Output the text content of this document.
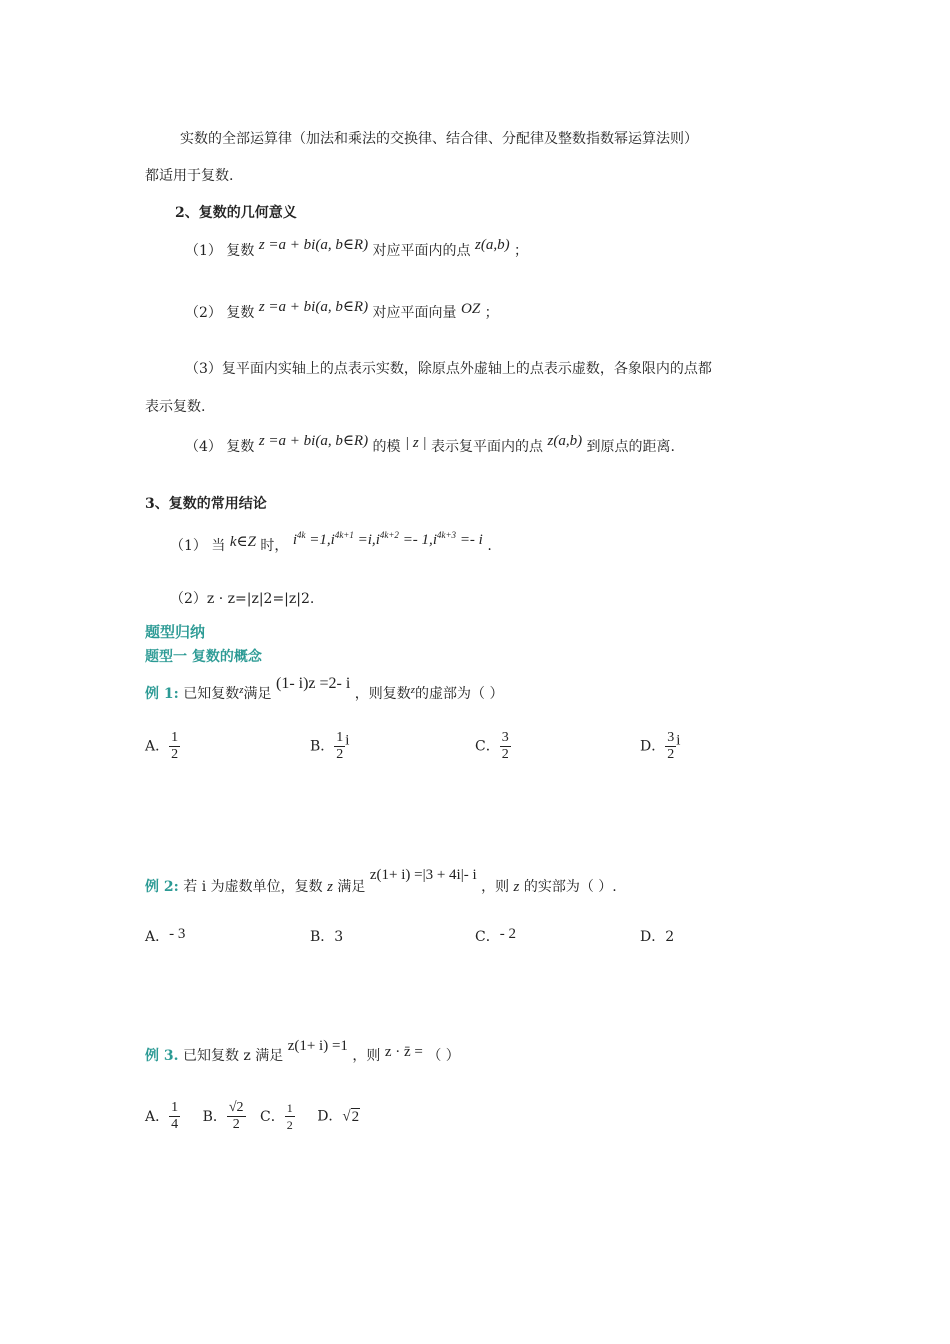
实数的全部运算律（加法和乘法的交换律、结合律、分配律及整数指数幂运算法则）
都适用于复数.
2、复数的几何意义
（1） 复数 z =a + bi(a, b∈R) 对应平面内的点 z(a,b) ；
（2） 复数 z =a + bi(a, b∈R) 对应平面向量 OZ ；
（3）复平面内实轴上的点表示实数，除原点外虚轴上的点表示虚数，各象限内的点都
表示复数.
（4） 复数 z =a + bi(a, b∈R) 的模 | z | 表示复平面内的点 z(a,b) 到原点的距离.
3、复数的常用结论
（1） 当 k∈Z 时， $i^{4k} =1,i^{4k+1} =i,i^{4k+2} =- 1,i^{4k+3} =- i$ .
（2）z · z=|z|2=|z|2.
题型归纳
题型一 复数的概念
例 1: 已知复数$^z$满足 (1- i)z =2- i ，则复数$^z$的虚部为（ ）
A． $\frac{1}{2}$	B． $\frac{1}{2}$ i	C． $\frac{3}{2}$	D． $\frac{3}{2}$ i
例 2: 若 i 为虚数单位，复数 z 满足 z(1+ i) =|3 + 4i|- i ，则 z 的实部为（ ）.
A．- 3	B．3	C．- 2	D．2
例 3. 已知复数 z 满足 z(1+ i) =1 ，则 z · z̄ = （ ）
A． $\frac{1}{4}$ B． $\frac{√2}{2}$ C． $\frac{1}{2}$ D．√2
